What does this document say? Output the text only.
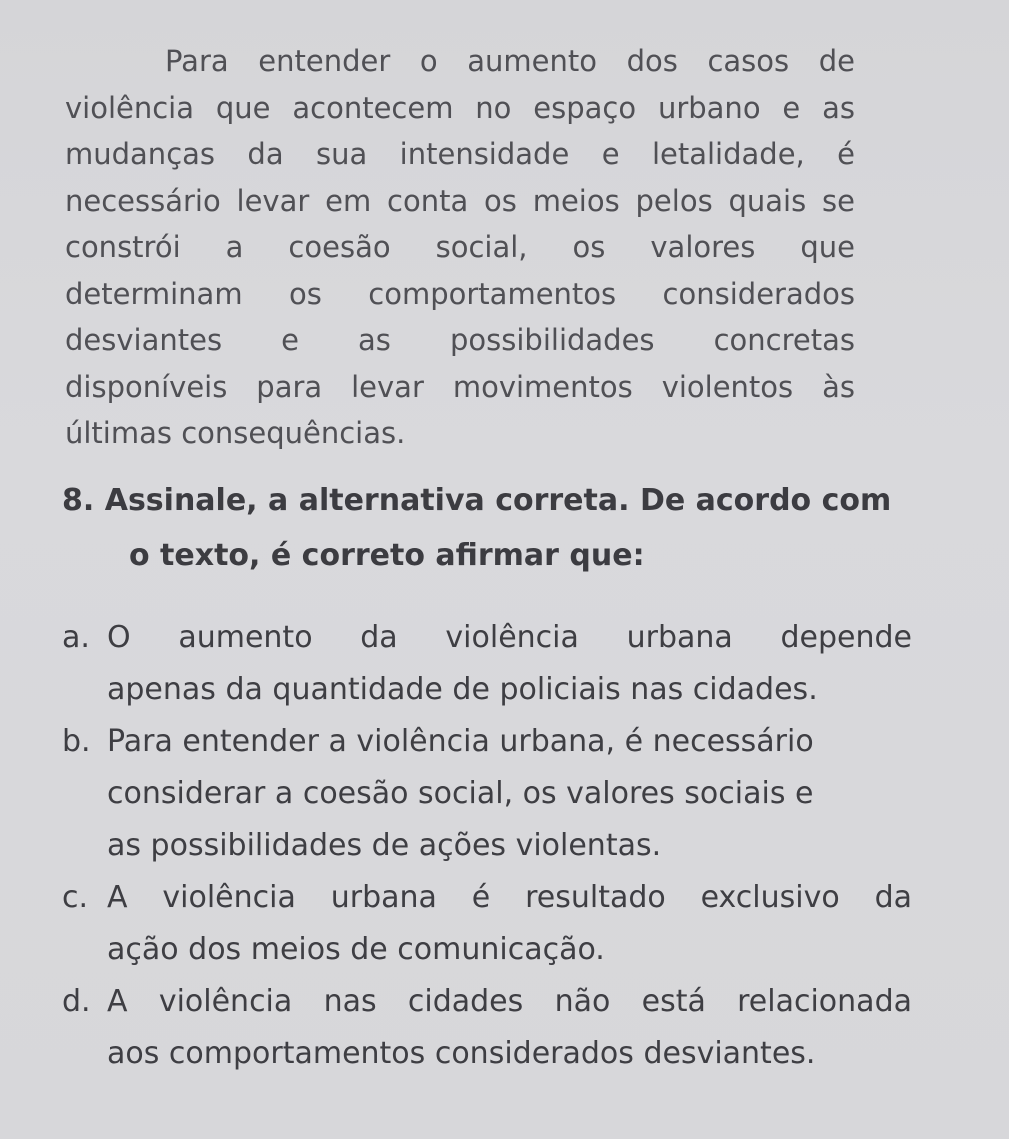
Para entender o aumento dos casos de
violência que acontecem no espaço urbano e as
mudanças da sua intensidade e letalidade, é
necessário levar em conta os meios pelos quais se
constrói a coesão social, os valores que
determinam os comportamentos considerados
desviantes e as possibilidades concretas
disponíveis para levar movimentos violentos às
últimas consequências.
8. Assinale, a alternativa correta. De acordo com
o texto, é correto afirmar que:
a. O aumento da violência urbana depende
apenas da quantidade de policiais nas cidades.
b. Para entender a violência urbana, é necessário
considerar a coesão social, os valores sociais e
as possibilidades de ações violentas.
c. A violência urbana é resultado exclusivo da
ação dos meios de comunicação.
d. A violência nas cidades não está relacionada
aos comportamentos considerados desviantes.
